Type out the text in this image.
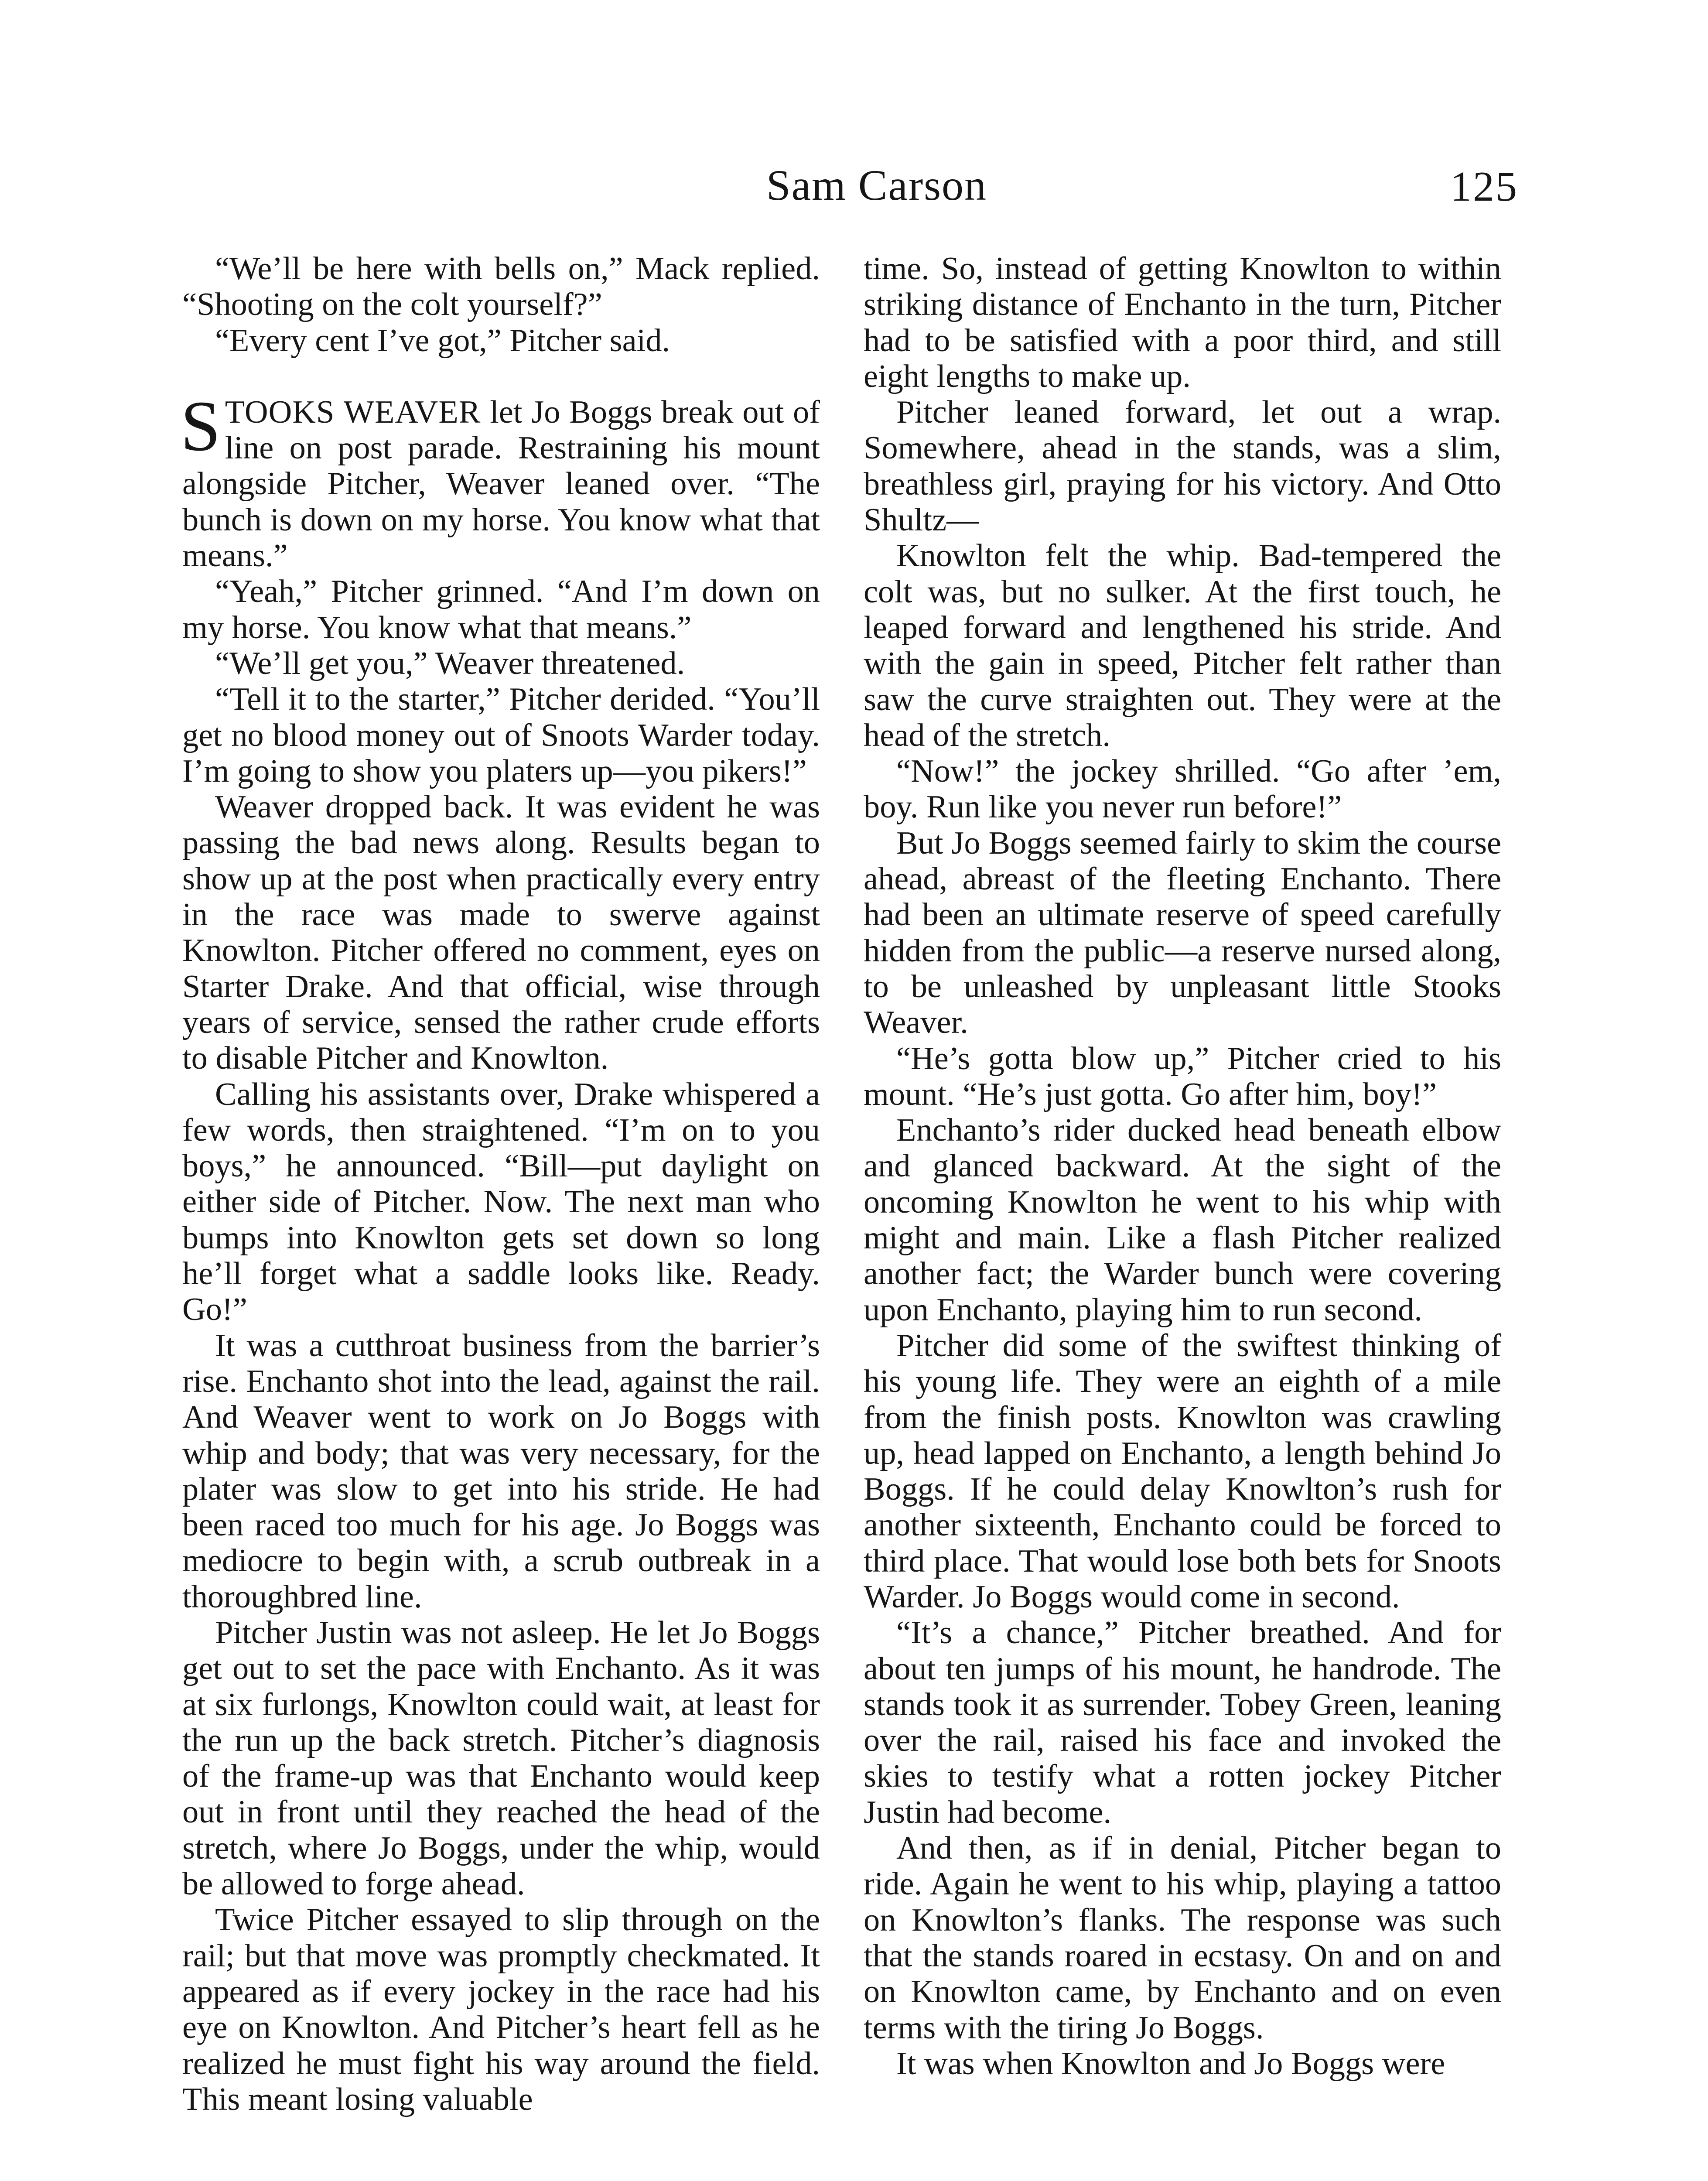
Sam Carson	125

“We’ll be here with bells on,” Mack replied. “Shooting on the colt yourself?”

“Every cent I’ve got,” Pitcher said.

STOOKS WEAVER let Jo Boggs break out of line on post parade. Restraining his mount alongside Pitcher, Weaver leaned over. “The bunch is down on my horse. You know what that means.”

“Yeah,” Pitcher grinned. “And I’m down on my horse. You know what that means.”

“We’ll get you,” Weaver threatened.

“Tell it to the starter,” Pitcher derided. “You’ll get no blood money out of Snoots Warder today. I’m going to show you platers up—you pikers!”

Weaver dropped back. It was evident he was passing the bad news along. Results began to show up at the post when practically every entry in the race was made to swerve against Knowlton. Pitcher offered no comment, eyes on Starter Drake. And that official, wise through years of service, sensed the rather crude efforts to disable Pitcher and Knowlton.

Calling his assistants over, Drake whispered a few words, then straightened. “I’m on to you boys,” he announced. “Bill—put daylight on either side of Pitcher. Now. The next man who bumps into Knowlton gets set down so long he’ll forget what a saddle looks like. Ready. Go!”

It was a cutthroat business from the barrier’s rise. Enchanto shot into the lead, against the rail. And Weaver went to work on Jo Boggs with whip and body; that was very necessary, for the plater was slow to get into his stride. He had been raced too much for his age. Jo Boggs was mediocre to begin with, a scrub outbreak in a thoroughbred line.

Pitcher Justin was not asleep. He let Jo Boggs get out to set the pace with Enchanto. As it was at six furlongs, Knowlton could wait, at least for the run up the back stretch. Pitcher’s diagnosis of the frame-up was that Enchanto would keep out in front until they reached the head of the stretch, where Jo Boggs, under the whip, would be allowed to forge ahead.

Twice Pitcher essayed to slip through on the rail; but that move was promptly checkmated. It appeared as if every jockey in the race had his eye on Knowlton. And Pitcher’s heart fell as he realized he must fight his way around the field. This meant losing valuable

time. So, instead of getting Knowlton to within striking distance of Enchanto in the turn, Pitcher had to be satisfied with a poor third, and still eight lengths to make up.

Pitcher leaned forward, let out a wrap. Somewhere, ahead in the stands, was a slim, breathless girl, praying for his victory. And Otto Shultz—

Knowlton felt the whip. Bad-tempered the colt was, but no sulker. At the first touch, he leaped forward and lengthened his stride. And with the gain in speed, Pitcher felt rather than saw the curve straighten out. They were at the head of the stretch.

“Now!” the jockey shrilled. “Go after ’em, boy. Run like you never run before!”

But Jo Boggs seemed fairly to skim the course ahead, abreast of the fleeting Enchanto. There had been an ultimate reserve of speed carefully hidden from the public—a reserve nursed along, to be unleashed by unpleasant little Stooks Weaver.

“He’s gotta blow up,” Pitcher cried to his mount. “He’s just gotta. Go after him, boy!”

Enchanto’s rider ducked head beneath elbow and glanced backward. At the sight of the oncoming Knowlton he went to his whip with might and main. Like a flash Pitcher realized another fact; the Warder bunch were covering upon Enchanto, playing him to run second.

Pitcher did some of the swiftest thinking of his young life. They were an eighth of a mile from the finish posts. Knowlton was crawling up, head lapped on Enchanto, a length behind Jo Boggs. If he could delay Knowlton’s rush for another sixteenth, Enchanto could be forced to third place. That would lose both bets for Snoots Warder. Jo Boggs would come in second.

“It’s a chance,” Pitcher breathed. And for about ten jumps of his mount, he handrode. The stands took it as surrender. Tobey Green, leaning over the rail, raised his face and invoked the skies to testify what a rotten jockey Pitcher Justin had become.

And then, as if in denial, Pitcher began to ride. Again he went to his whip, playing a tattoo on Knowlton’s flanks. The response was such that the stands roared in ecstasy. On and on and on Knowlton came, by Enchanto and on even terms with the tiring Jo Boggs.

It was when Knowlton and Jo Boggs were
